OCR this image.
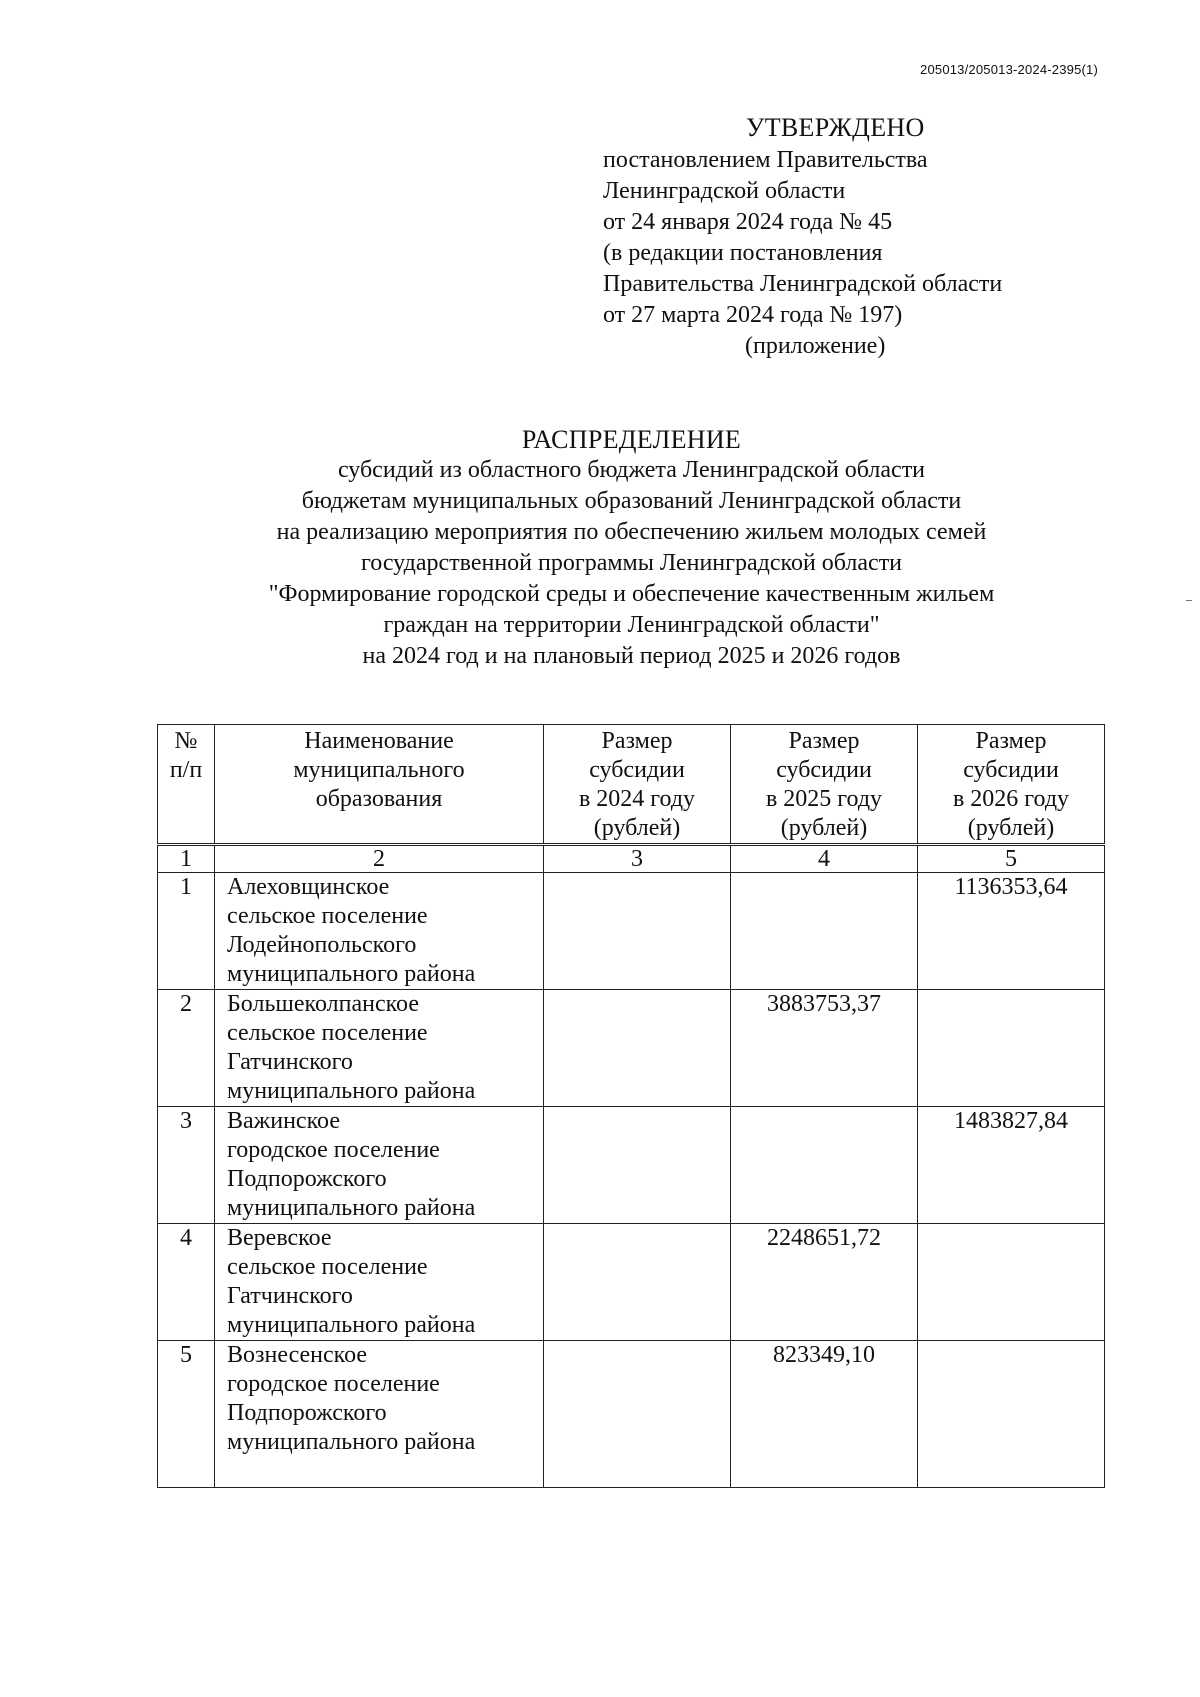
205013/205013-2024-2395(1)
УТВЕРЖДЕНО
постановлением Правительства
Ленинградской области
от 24 января 2024 года № 45
(в редакции постановления
Правительства Ленинградской области
от 27 марта 2024 года № 197)
(приложение)
РАСПРЕДЕЛЕНИЕ
субсидий из областного бюджета Ленинградской области
бюджетам муниципальных образований Ленинградской области
на реализацию мероприятия по обеспечению жильем молодых семей
государственной программы Ленинградской области
"Формирование городской среды и обеспечение качественным жильем
граждан на территории Ленинградской области"
на 2024 год и на плановый период 2025 и 2026 годов
№
п/п	Наименование
муниципального
образования	Размер
субсидии
в 2024 году
(рублей)	Размер
субсидии
в 2025 году
(рублей)	Размер
субсидии
в 2026 году
(рублей)

1	2	3	4	5
1	Алеховщинское
сельское поселение
Лодейнопольского
муниципального района			1136353,64
2	Большеколпанское
сельское поселение
Гатчинского
муниципального района		3883753,37	
3	Важинское
городское поселение
Подпорожского
муниципального района			1483827,84
4	Веревское
сельское поселение
Гатчинского
муниципального района		2248651,72	
5	Вознесенское
городское поселение
Подпорожского
муниципального района		823349,10	
